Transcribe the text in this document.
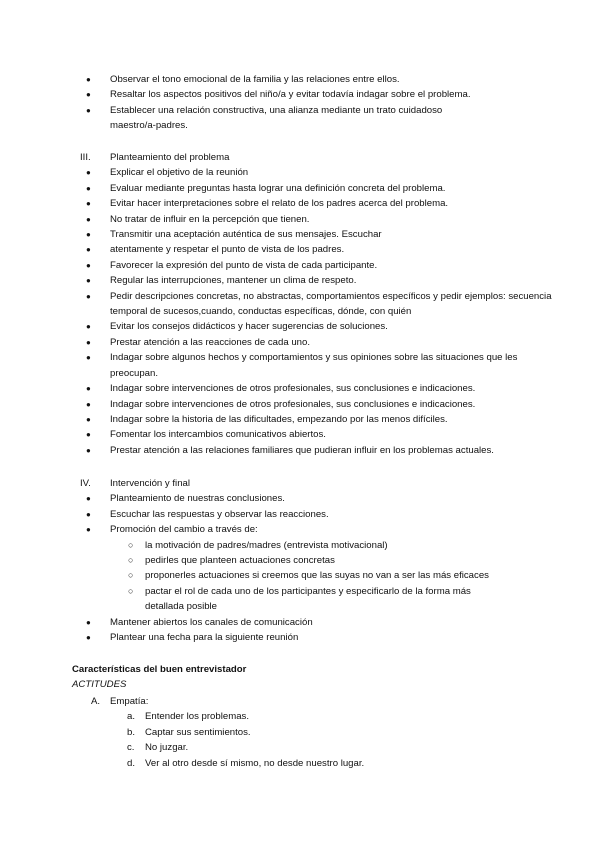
● Observar el tono emocional de la familia y las relaciones entre ellos.
● Resaltar los aspectos positivos del niño/a y evitar todavía indagar sobre el problema.
● Establecer una relación constructiva, una alianza mediante un trato cuidadoso maestro/a-padres.
III. Planteamiento del problema
● Explicar el objetivo de la reunión
● Evaluar mediante preguntas hasta lograr una definición concreta del problema.
● Evitar hacer interpretaciones sobre el relato de los padres acerca del problema.
● No tratar de influir en la percepción que tienen.
● Transmitir una aceptación auténtica de sus mensajes. Escuchar
● atentamente y respetar el punto de vista de los padres.
● Favorecer la expresión del punto de vista de cada participante.
● Regular las interrupciones, mantener un clima de respeto.
● Pedir descripciones concretas, no abstractas, comportamientos específicos y pedir ejemplos: secuencia temporal de sucesos,cuando, conductas específicas, dónde, con quién
● Evitar los consejos didácticos y hacer sugerencias de soluciones.
● Prestar atención a las reacciones de cada uno.
● Indagar sobre algunos hechos y comportamientos y sus opiniones sobre las situaciones que les preocupan.
● Indagar sobre intervenciones de otros profesionales, sus conclusiones e indicaciones.
● Indagar sobre intervenciones de otros profesionales, sus conclusiones e indicaciones.
● Indagar sobre la historia de las dificultades, empezando por las menos difíciles.
● Fomentar los intercambios comunicativos abiertos.
● Prestar atención a las relaciones familiares que pudieran influir en los problemas actuales.
IV. Intervención y final
● Planteamiento de nuestras conclusiones.
● Escuchar las respuestas y observar las reacciones.
● Promoción del cambio a través de:
○ la motivación de padres/madres (entrevista motivacional)
○ pedirles que planteen actuaciones concretas
○ proponerles actuaciones si creemos que las suyas no van a ser las más eficaces
○ pactar el rol de cada uno de los participantes y especificarlo de la forma más detallada posible
● Mantener abiertos los canales de comunicación
● Plantear una fecha para la siguiente reunión
Características del buen entrevistador
ACTITUDES
A. Empatía:
a. Entender los problemas.
b. Captar sus sentimientos.
c. No juzgar.
d. Ver al otro desde sí mismo, no desde nuestro lugar.
